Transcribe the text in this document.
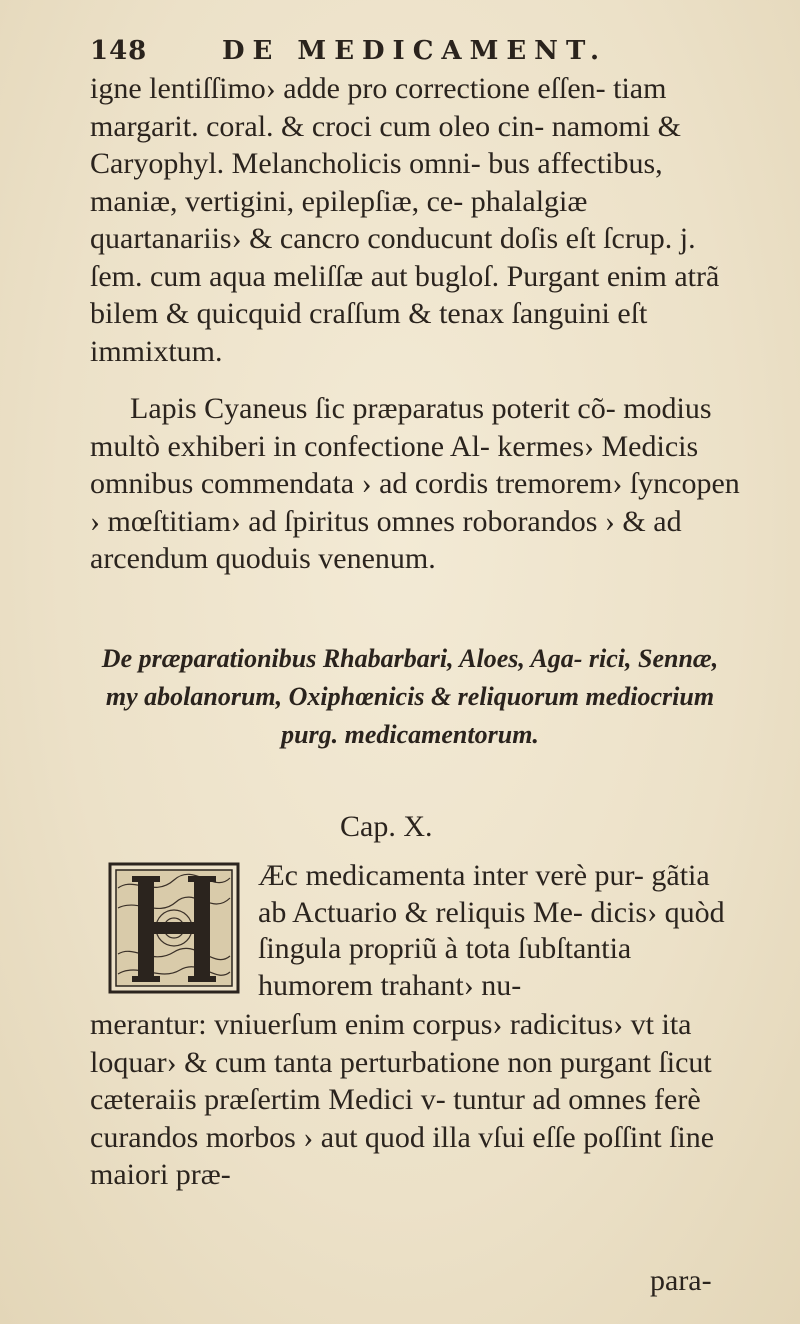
148	DE MEDICAMENT.
igne lentiſſimo› adde pro correctione eſſen- tiam margarit. coral. & croci cum oleo cin- namomi & Caryophyl. Melancholicis omni- bus affectibus, maniæ, vertigini, epilepſiæ, ce- phalalgiæ quartanariis› & cancro conducunt doſis eſt ſcrup. j. ſem. cum aqua meliſſæ aut bugloſ. Purgant enim atrã bilem & quicquid craſſum & tenax ſanguini eſt immixtum.
Lapis Cyaneus ſic præparatus poterit cõ- modius multò exhiberi in confectione Al- kermes› Medicis omnibus commendata › ad cordis tremorem› ſyncopen › mœſtitiam› ad ſpiritus omnes roborandos › & ad arcendum quoduis venenum.
De præparationibus Rhabarbari, Aloes, Aga- rici, Sennæ, my abolanorum, Oxiphœnicis & reliquorum mediocrium purg. medicamentorum.
Cap. X.
Æc medicamenta inter verè pur- gãtia ab Actuario & reliquis Me- dicis› quòd ſingula propriũ à tota ſubſtantia humorem trahant› nu-
merantur: vniuerſum enim corpus› radicitus› vt ita loquar› & cum tanta perturbatione non purgant ſicut cæteraiis præſertim Medici v- tuntur ad omnes ferè curandos morbos › aut quod illa vſui eſſe poſſint ſine maiori præ-
para-
